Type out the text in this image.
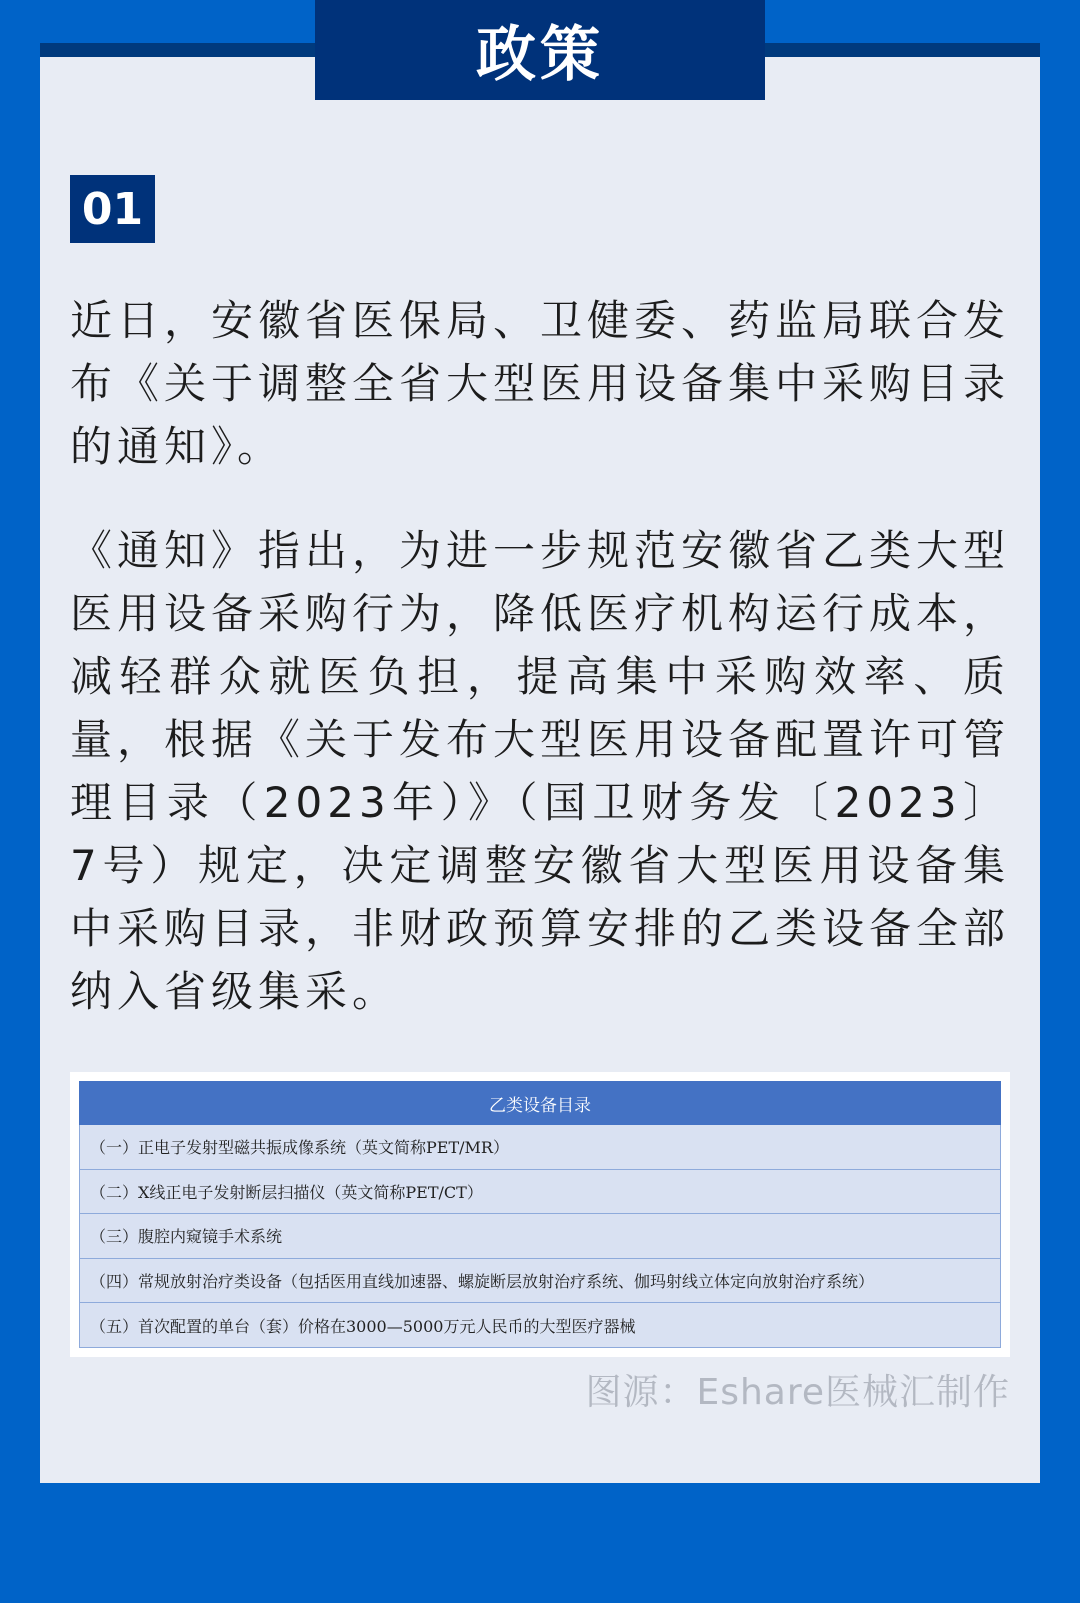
政策
01

近日，安徽省医保局、卫健委、药监局联合发布《关于调整全省大型医用设备集中采购目录的通知》。

《通知》指出，为进一步规范安徽省乙类大型医用设备采购行为，降低医疗机构运行成本，减轻群众就医负担，提高集中采购效率、质量，根据《关于发布大型医用设备配置许可管理目录（2023年）》（国卫财务发〔2023〕7号）规定，决定调整安徽省大型医用设备集中采购目录，非财政预算安排的乙类设备全部纳入省级集采。

乙类设备目录
（一）正电子发射型磁共振成像系统（英文简称PET/MR）
（二）X线正电子发射断层扫描仪（英文简称PET/CT）
（三）腹腔内窥镜手术系统
（四）常规放射治疗类设备（包括医用直线加速器、螺旋断层放射治疗系统、伽玛射线立体定向放射治疗系统）
（五）首次配置的单台（套）价格在3000—5000万元人民币的大型医疗器械
图源：Eshare医械汇制作
